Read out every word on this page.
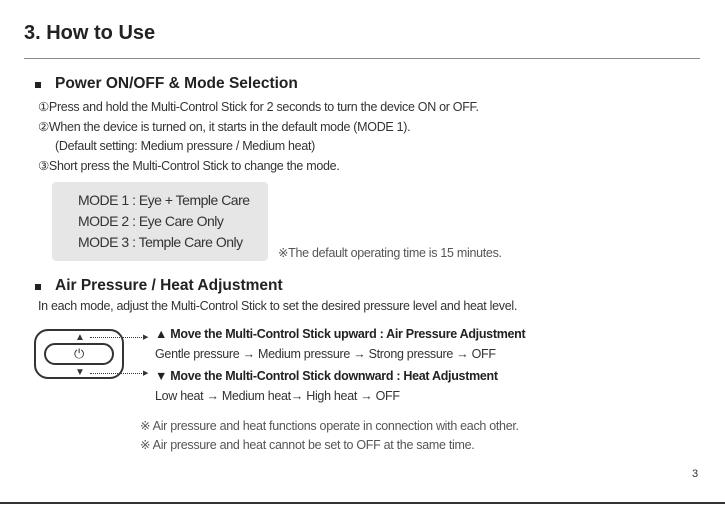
3. How to Use
Power ON/OFF & Mode Selection
①Press and hold the Multi-Control Stick for 2 seconds to turn the device ON or OFF.
②When the device is turned on, it starts in the default mode (MODE 1).
(Default setting: Medium pressure / Medium heat)
③Short press the Multi-Control Stick to change the mode.
MODE 1 : Eye + Temple Care
MODE 2 : Eye Care Only
MODE 3 : Temple Care Only
※The default operating time is 15 minutes.
Air Pressure / Heat Adjustment
In each mode, adjust the Multi-Control Stick to set the desired pressure level and heat level.
▲
⏻
▼
▶
▶
▲ Move the Multi-Control Stick upward : Air Pressure Adjustment
Gentle pressure → Medium pressure → Strong pressure → OFF
▼ Move the Multi-Control Stick downward : Heat Adjustment
Low heat → Medium heat→ High heat → OFF
※ Air pressure and heat functions operate in connection with each other.
※ Air pressure and heat cannot be set to OFF at the same time.
3
